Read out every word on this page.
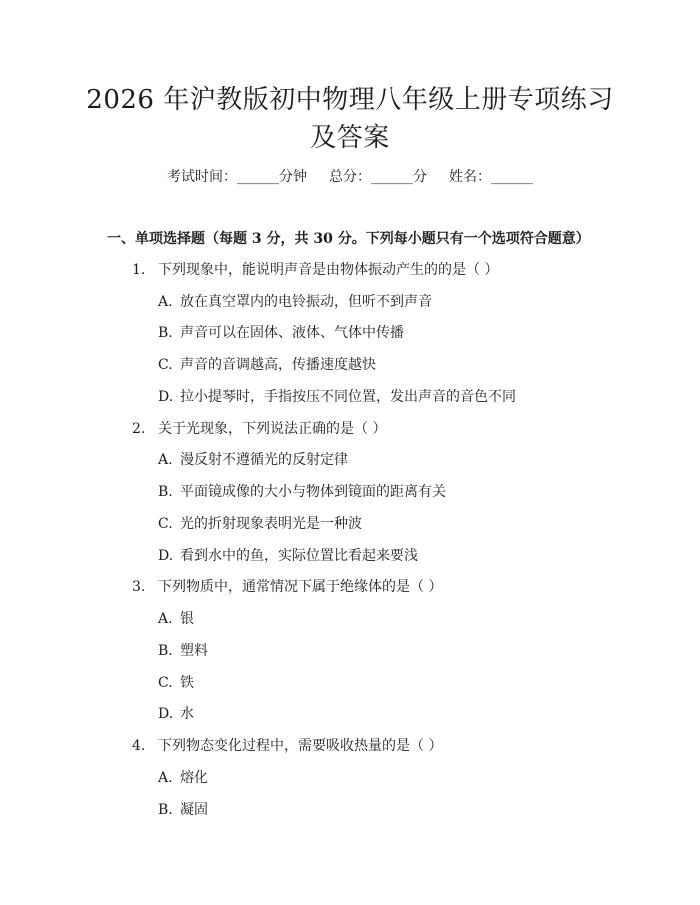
2026 年沪教版初中物理八年级上册专项练习
及答案
考试时间：______分钟 总分：______分 姓名：______
一、单项选择题（每题 3 分，共 30 分。下列每小题只有一个选项符合题意）
1. 下列现象中，能说明声音是由物体振动产生的的是（ ）
A. 放在真空罩内的电铃振动，但听不到声音
B. 声音可以在固体、液体、气体中传播
C. 声音的音调越高，传播速度越快
D. 拉小提琴时，手指按压不同位置，发出声音的音色不同
2. 关于光现象，下列说法正确的是（ ）
A. 漫反射不遵循光的反射定律
B. 平面镜成像的大小与物体到镜面的距离有关
C. 光的折射现象表明光是一种波
D. 看到水中的鱼，实际位置比看起来要浅
3. 下列物质中，通常情况下属于绝缘体的是（ ）
A. 银
B. 塑料
C. 铁
D. 水
4. 下列物态变化过程中，需要吸收热量的是（ ）
A. 熔化
B. 凝固
